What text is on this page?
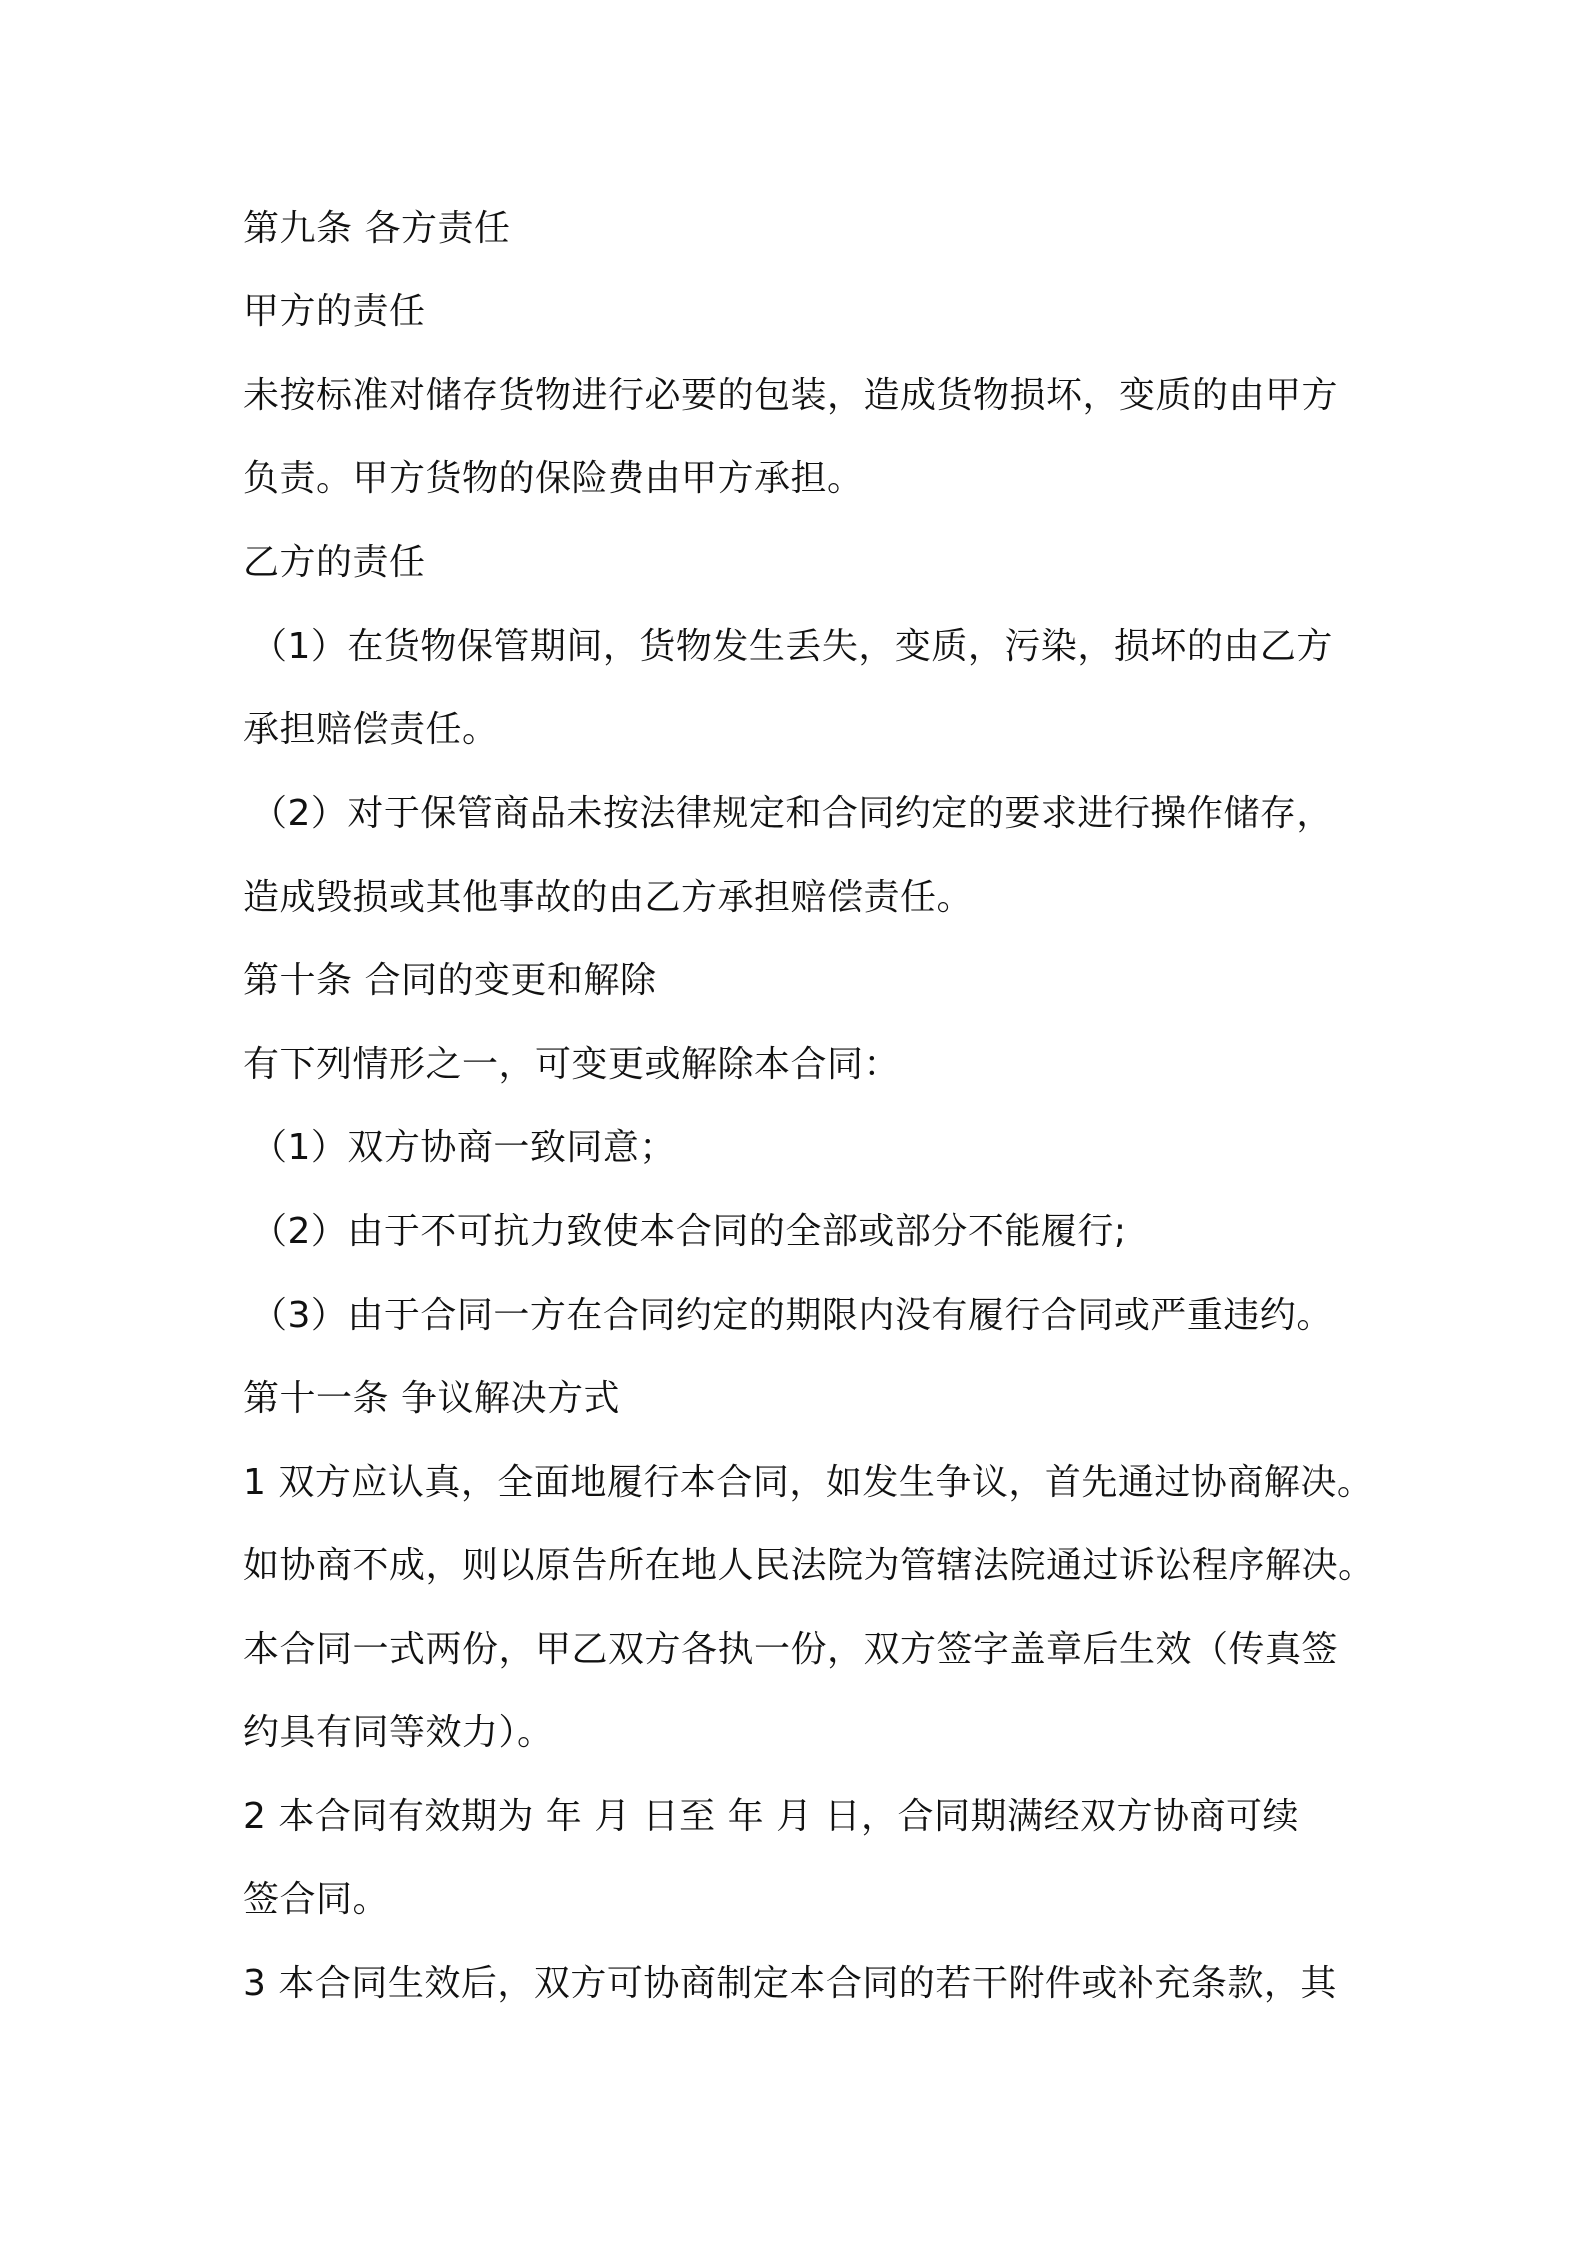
第九条 各方责任
甲方的责任
未按标准对储存货物进行必要的包装，造成货物损坏，变质的由甲方
负责。甲方货物的保险费由甲方承担。
乙方的责任
（1）在货物保管期间，货物发生丢失，变质，污染，损坏的由乙方
承担赔偿责任。
（2）对于保管商品未按法律规定和合同约定的要求进行操作储存，
造成毁损或其他事故的由乙方承担赔偿责任。
第十条 合同的变更和解除
有下列情形之一，可变更或解除本合同：
（1）双方协商一致同意；
（2）由于不可抗力致使本合同的全部或部分不能履行;
（3）由于合同一方在合同约定的期限内没有履行合同或严重违约。
第十一条 争议解决方式
1 双方应认真，全面地履行本合同，如发生争议，首先通过协商解决。
如协商不成，则以原告所在地人民法院为管辖法院通过诉讼程序解决。
本合同一式两份，甲乙双方各执一份，双方签字盖章后生效（传真签
约具有同等效力）。
2 本合同有效期为 年 月 日至 年 月 日，合同期满经双方协商可续
签合同。
3 本合同生效后，双方可协商制定本合同的若干附件或补充条款，其
